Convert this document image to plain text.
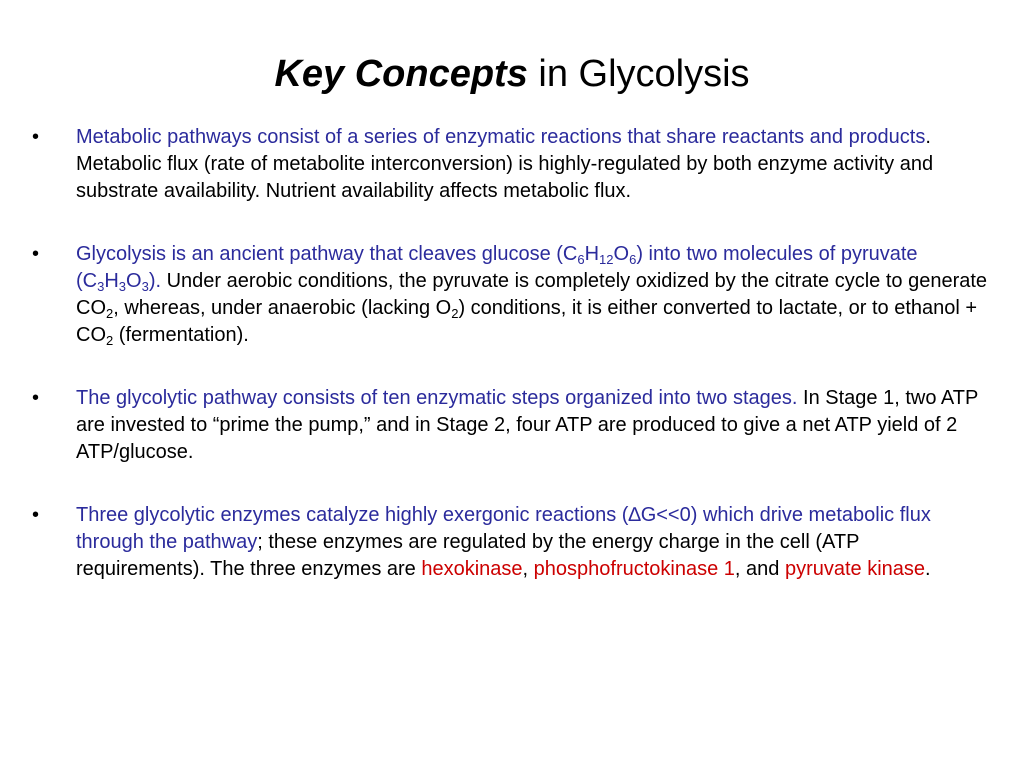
Key Concepts in Glycolysis
•	Metabolic pathways consist of a series of enzymatic reactions that share reactants and products. Metabolic flux (rate of metabolite interconversion) is highly-regulated by both enzyme activity and substrate availability. Nutrient availability affects metabolic flux.
•	Glycolysis is an ancient pathway that cleaves glucose $(C_6H_{12}O_6)$ into two molecules of pyruvate $(C_3H_3O_3)$. Under aerobic conditions, the pyruvate is completely oxidized by the citrate cycle to generate $CO_2$, whereas, under anaerobic (lacking $O_2$) conditions, it is either converted to lactate, or to ethanol + $CO_2$ (fermentation).
•	The glycolytic pathway consists of ten enzymatic steps organized into two stages. In Stage 1, two ATP are invested to “prime the pump,” and in Stage 2, four ATP are produced to give a net ATP yield of 2 ATP/glucose.
•	Three glycolytic enzymes catalyze highly exergonic reactions (∆G<<0) which drive metabolic flux through the pathway; these enzymes are regulated by the energy charge in the cell (ATP requirements). The three enzymes are hexokinase, phosphofructokinase 1, and pyruvate kinase.
